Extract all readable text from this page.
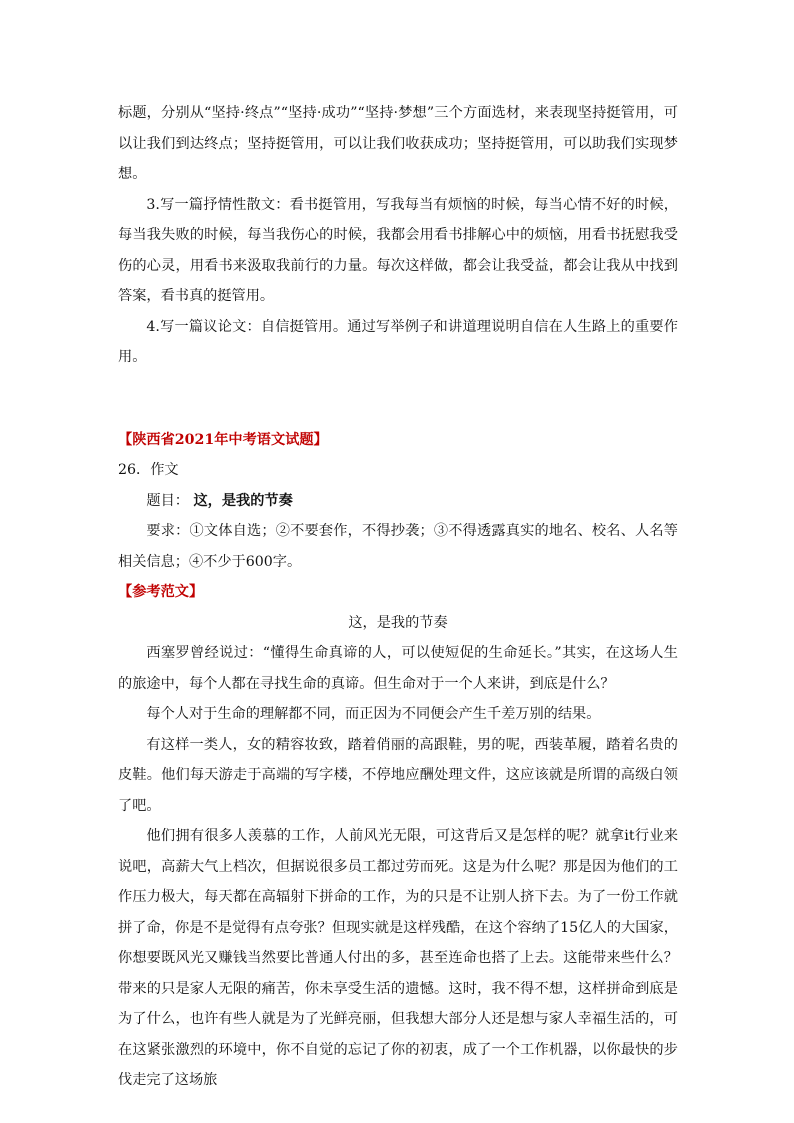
标题，分别从“坚持·终点”“坚持·成功”“坚持·梦想”三个方面选材，来表现坚持挺管用，可以让我们到达终点；坚持挺管用，可以让我们收获成功；坚持挺管用，可以助我们实现梦想。

3.写一篇抒情性散文：看书挺管用，写我每当有烦恼的时候，每当心情不好的时候，每当我失败的时候，每当我伤心的时候，我都会用看书排解心中的烦恼，用看书抚慰我受伤的心灵，用看书来汲取我前行的力量。每次这样做，都会让我受益，都会让我从中找到答案，看书真的挺管用。

4.写一篇议论文：自信挺管用。通过写举例子和讲道理说明自信在人生路上的重要作用。

【陕西省2021年中考语文试题】

26．作文

题目： 这，是我的节奏

要求：①文体自选；②不要套作，不得抄袭；③不得透露真实的地名、校名、人名等相关信息；④不少于600字。

【参考范文】

这，是我的节奏

西塞罗曾经说过：“懂得生命真谛的人，可以使短促的生命延长。”其实，在这场人生的旅途中，每个人都在寻找生命的真谛。但生命对于一个人来讲，到底是什么？

每个人对于生命的理解都不同，而正因为不同便会产生千差万别的结果。

有这样一类人，女的精容妆致，踏着俏丽的高跟鞋，男的呢，西装革履，踏着名贵的皮鞋。他们每天游走于高端的写字楼，不停地应酬处理文件，这应该就是所谓的高级白领了吧。

他们拥有很多人羡慕的工作，人前风光无限，可这背后又是怎样的呢？就拿it行业来说吧，高薪大气上档次，但据说很多员工都过劳而死。这是为什么呢？那是因为他们的工作压力极大，每天都在高辐射下拼命的工作，为的只是不让别人挤下去。为了一份工作就拼了命，你是不是觉得有点夸张？但现实就是这样残酷，在这个容纳了15亿人的大国家，你想要既风光又赚钱当然要比普通人付出的多，甚至连命也搭了上去。这能带来些什么？带来的只是家人无限的痛苦，你未享受生活的遗憾。这时，我不得不想，这样拼命到底是为了什么，也许有些人就是为了光鲜亮丽，但我想大部分人还是想与家人幸福生活的，可在这紧张激烈的环境中，你不自觉的忘记了你的初衷，成了一个工作机器，以你最快的步伐走完了这场旅
